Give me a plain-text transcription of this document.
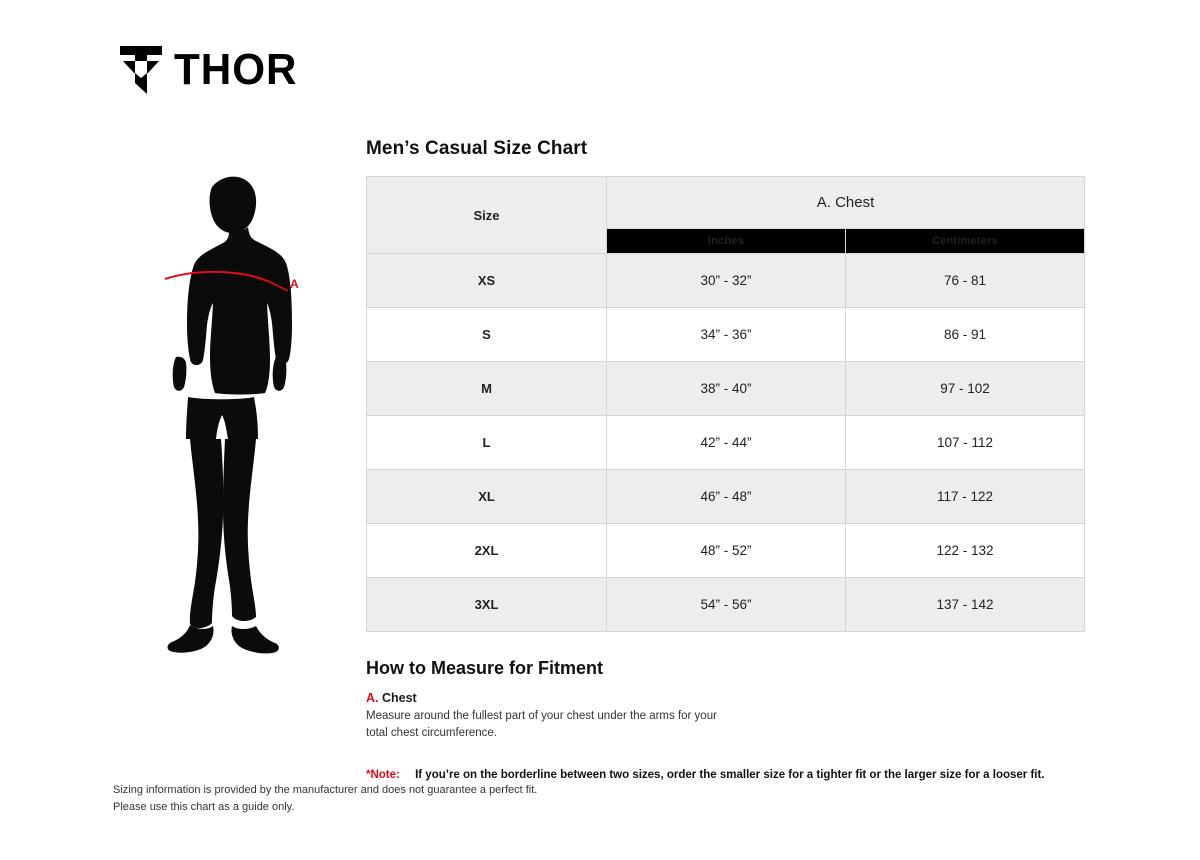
THOR
A
Men’s Casual Size Chart
Size	A. Chest	
	Inches	Centimeters
XS	30” - 32”	76 - 81
S	34” - 36”	86 - 91
M	38” - 40”	97 - 102
L	42” - 44”	107 - 112
XL	46” - 48”	117 - 122
2XL	48” - 52”	122 - 132
3XL	54” - 56”	137 - 142
How to Measure for Fitment
A. Chest
Measure around the fullest part of your chest under the arms for your
total chest circumference.
*Note: If you’re on the borderline between two sizes, order the smaller size for a tighter fit or the larger size for a looser fit.
Sizing information is provided by the manufacturer and does not guarantee a perfect fit.
Please use this chart as a guide only.
